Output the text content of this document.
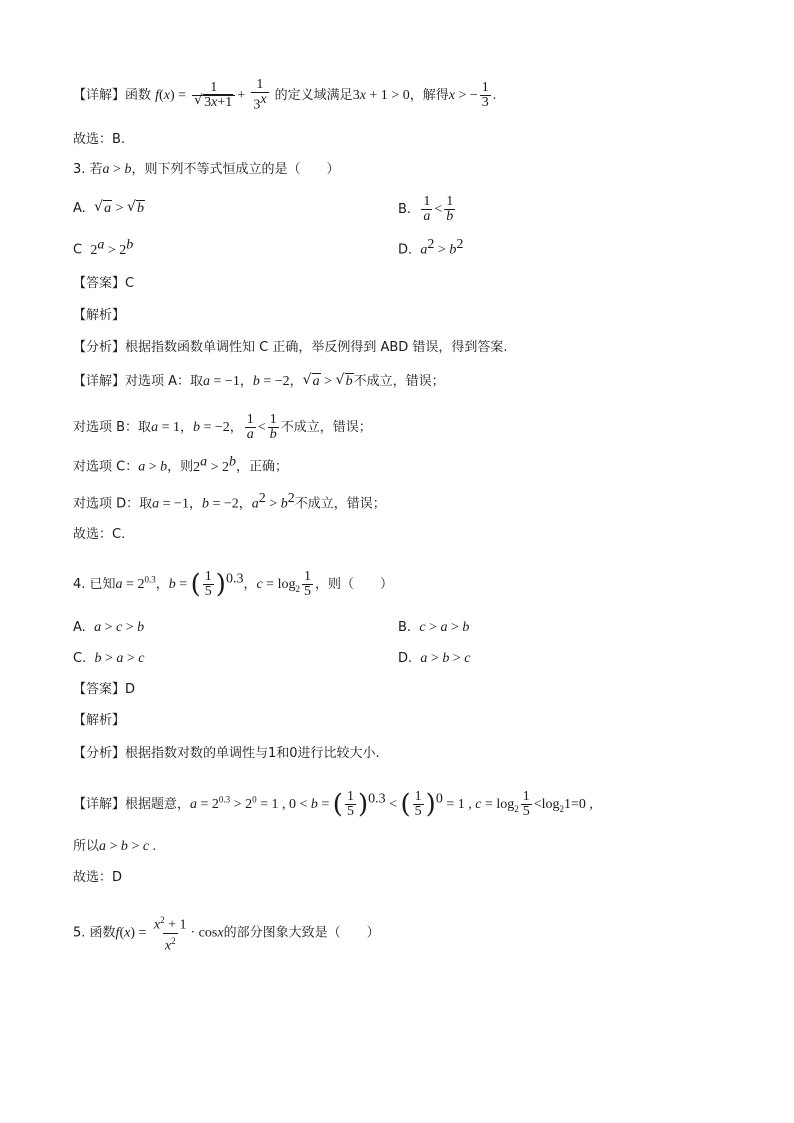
【详解】函数 f(x) = 1
√ $3x+1 + \frac{1}{3^x}$ 的定义域满足3x + 1 > 0，解得x > − $\frac{1}{3}$ .
故选：B.
3. 若a > b，则下列不等式恒成立的是（　　）
A. √ a > √ b	B. $\frac{1}{a} < \frac{1}{b}$
C $2^a > 2^b$	D. $a^2 > b^2$
【答案】C
【解析】
【分析】根据指数函数单调性知 C 正确，举反例得到 ABD 错误，得到答案.
【详解】对选项 A：取a = −1，b = −2， √ a > √ b不成立，错误；
对选项 B：取a = 1，b = −2， $\frac{1}{a} < \frac{1}{b}$ 不成立，错误；
对选项 C：a > b，则$2^a > 2^b$，正确；
对选项 D：取a = −1，b = −2，$a^2 > b^2$不成立，错误；
故选：C.
4. 已知$a = 2^{0.3}$，b = ( $\frac{1}{5} )^{0.3}$，$c = \log_2 \frac{1}{5}$ ，则（　　）
A. a > c > b	B. c > a > b
C. b > a > c	D. a > b > c
【答案】D
【解析】
【分析】根据指数对数的单调性与1和0进行比较大小.
【详解】根据题意，$a = 2^{0.3} > 2^0 = 1$ , 0 < b = ( $\frac{1}{5} )^{0.3}$ < ( $\frac{1}{5} )^0 = 1$ , $c = \log_2 \frac{1}{5} <\log_21=0$ ,
所以a > b > c .
故选：D
5. 函数$f(x) = \frac{x^2 + 1}{x^2} \cdot \cos x$的部分图象大致是（　　）
